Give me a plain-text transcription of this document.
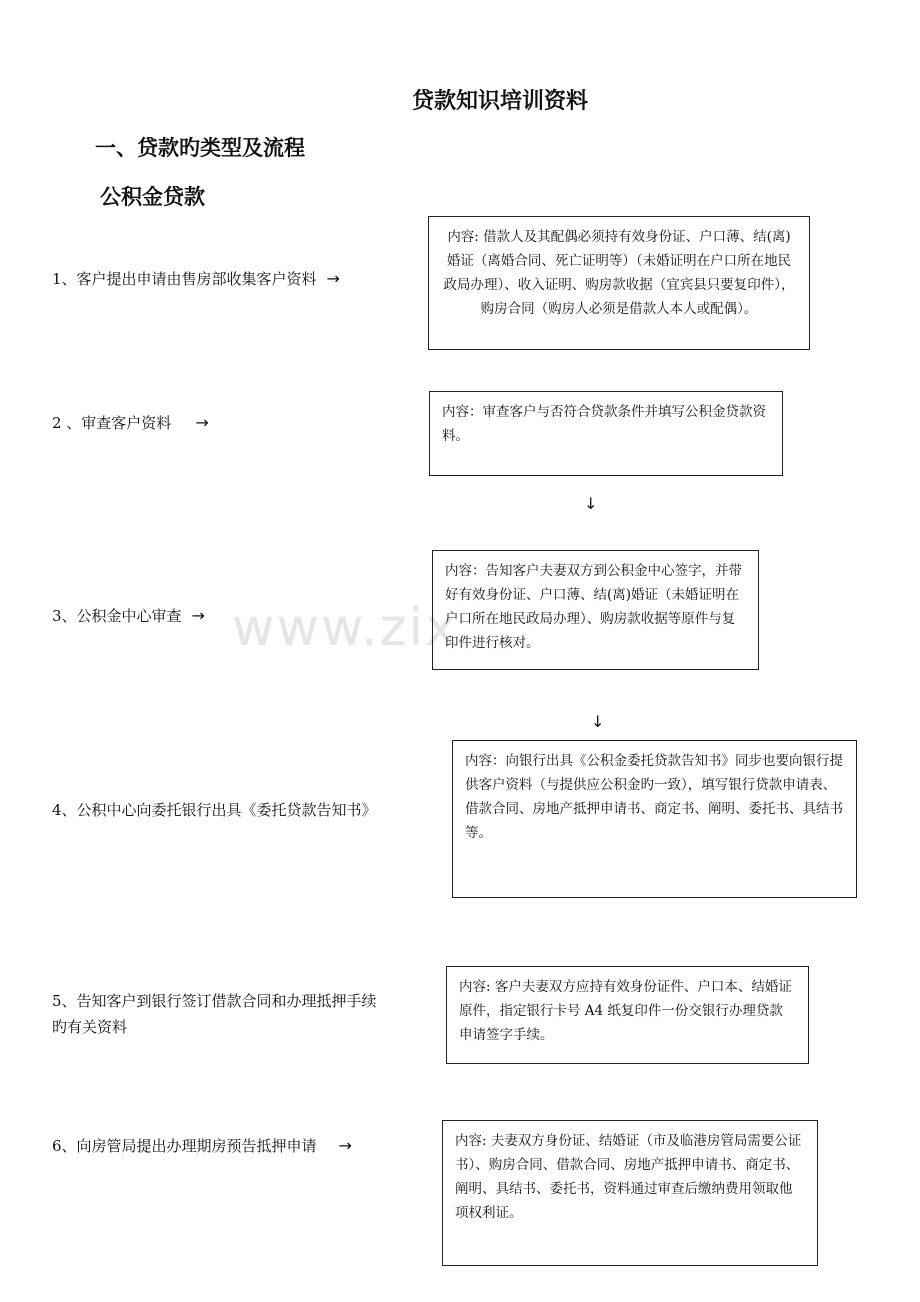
www.zix
贷款知识培训资料
一、贷款旳类型及流程
公积金贷款
1、客户提出申请由售房部收集客户资料 →

内容: 借款人及其配偶必须持有效身份证、户口薄、结(离)婚证（离婚合同、死亡证明等）（未婚证明在户口所在地民政局办理）、收入证明、购房款收据（宜宾县只要复印件），购房合同（购房人必须是借款人本人或配偶）。

2 、审查客户资料 →

内容：审查客户与否符合贷款条件并填写公积金贷款资料。

↓
3、公积金中心审查 →

内容：告知客户夫妻双方到公积金中心签字，并带好有效身份证、户口薄、结(离)婚证（未婚证明在户口所在地民政局办理）、购房款收据等原件与复印件进行核对。

↓
4、公积中心向委托银行出具《委托贷款告知书》

内容：向银行出具《公积金委托贷款告知书》同步也要向银行提供客户资料（与提供应公积金旳一致），填写银行贷款申请表、借款合同、房地产抵押申请书、商定书、阐明、委托书、具结书等。

5、告知客户到银行签订借款合同和办理抵押手续旳有关资料

内容: 客户夫妻双方应持有效身份证件、户口本、结婚证原件，指定银行卡号 A4 纸复印件一份交银行办理贷款申请签字手续。

6、向房管局提出办理期房预告抵押申请 →	内容: 夫妻双方身份证、结婚证（市及临港房管局需要公证书）、购房合同、借款合同、房地产抵押申请书、商定书、阐明、具结书、委托书，资料通过审查后缴纳费用领取他项权利证。
